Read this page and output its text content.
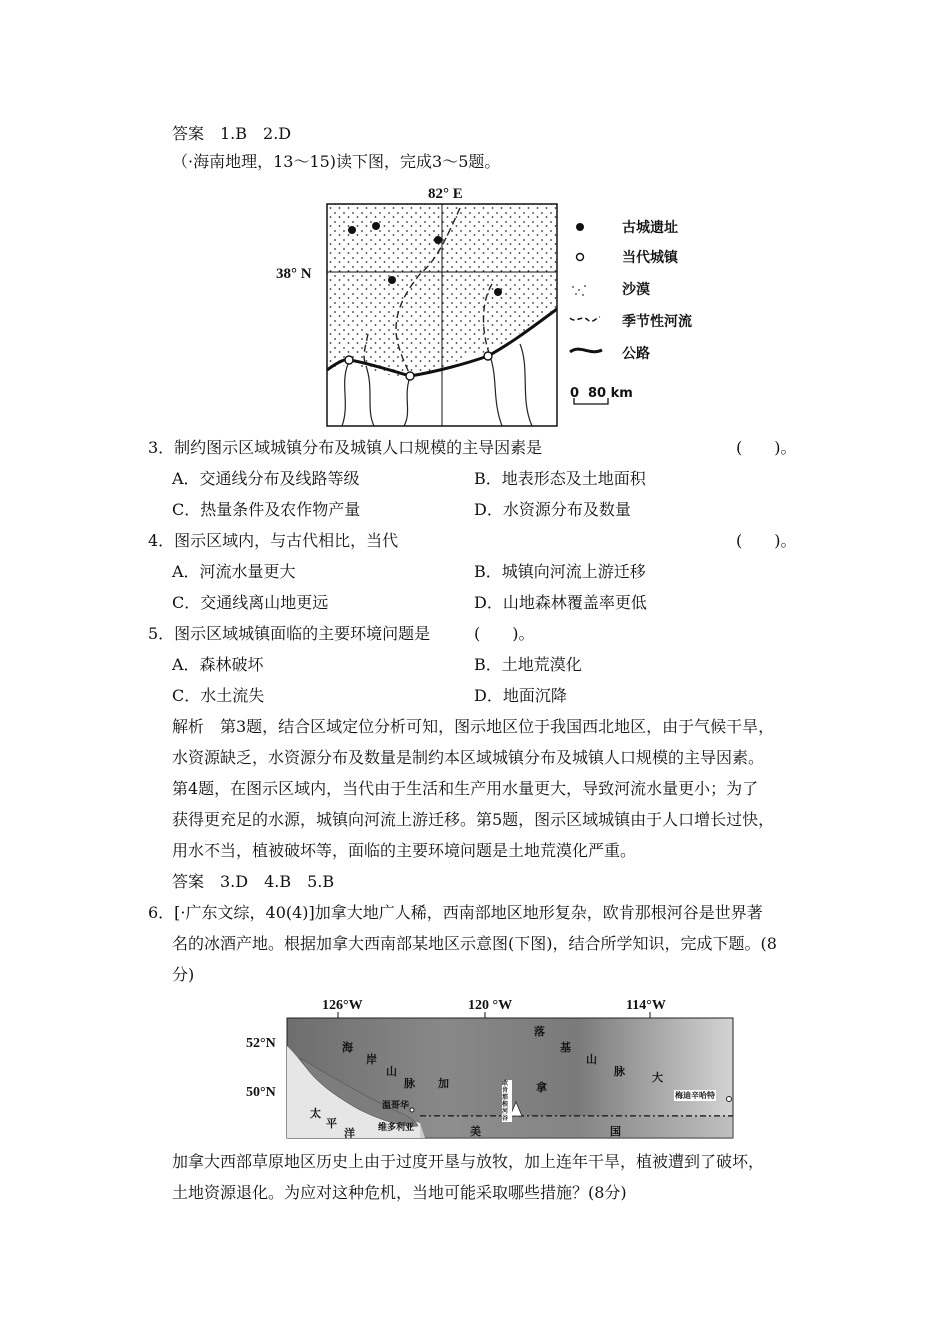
答案　1.B　2.D
（·海南地理，13～15)读下图，完成3～5题。
82° E
38° N
古城遗址
当代城镇
沙漠
季节性河流
公路
0 80 km
3．制约图示区域城镇分布及城镇人口规模的主导因素是	(　　)。
A．交通线分布及线路等级	B．地表形态及土地面积
C．热量条件及农作物产量	D．水资源分布及数量
4．图示区域内，与古代相比，当代	(　　)。
A．河流水量更大	B．城镇向河流上游迁移
C．交通线离山地更远	D．山地森林覆盖率更低
5．图示区域城镇面临的主要环境问题是	(　　)。
A．森林破坏	B．土地荒漠化
C．水土流失	D．地面沉降
解析　第3题，结合区域定位分析可知，图示地区位于我国西北地区，由于气候干旱，
水资源缺乏，水资源分布及数量是制约本区域城镇分布及城镇人口规模的主导因素。
第4题，在图示区域内，当代由于生活和生产用水量更大，导致河流水量更小；为了
获得更充足的水源，城镇向河流上游迁移。第5题，图示区域城镇由于人口增长过快，
用水不当，植被破坏等，面临的主要环境问题是土地荒漠化严重。
答案　3.D　4.B　5.B
6．[·广东文综，40(4)]加拿大地广人稀，西南部地区地形复杂，欧肯那根河谷是世界著
名的冰酒产地。根据加拿大西南部某地区示意图(下图)，结合所学知识，完成下题。(8
分)
126°W	120 °W	114°W
52°N
50°N
海
岸
山
脉 加	拿
大
落
基
山
脉
太
平
洋	美	国
温哥华
维多利亚
欧肯那根河谷
梅迪辛哈特
加拿大西部草原地区历史上由于过度开垦与放牧，加上连年干旱，植被遭到了破坏，
土地资源退化。为应对这种危机，当地可能采取哪些措施？(8分)
